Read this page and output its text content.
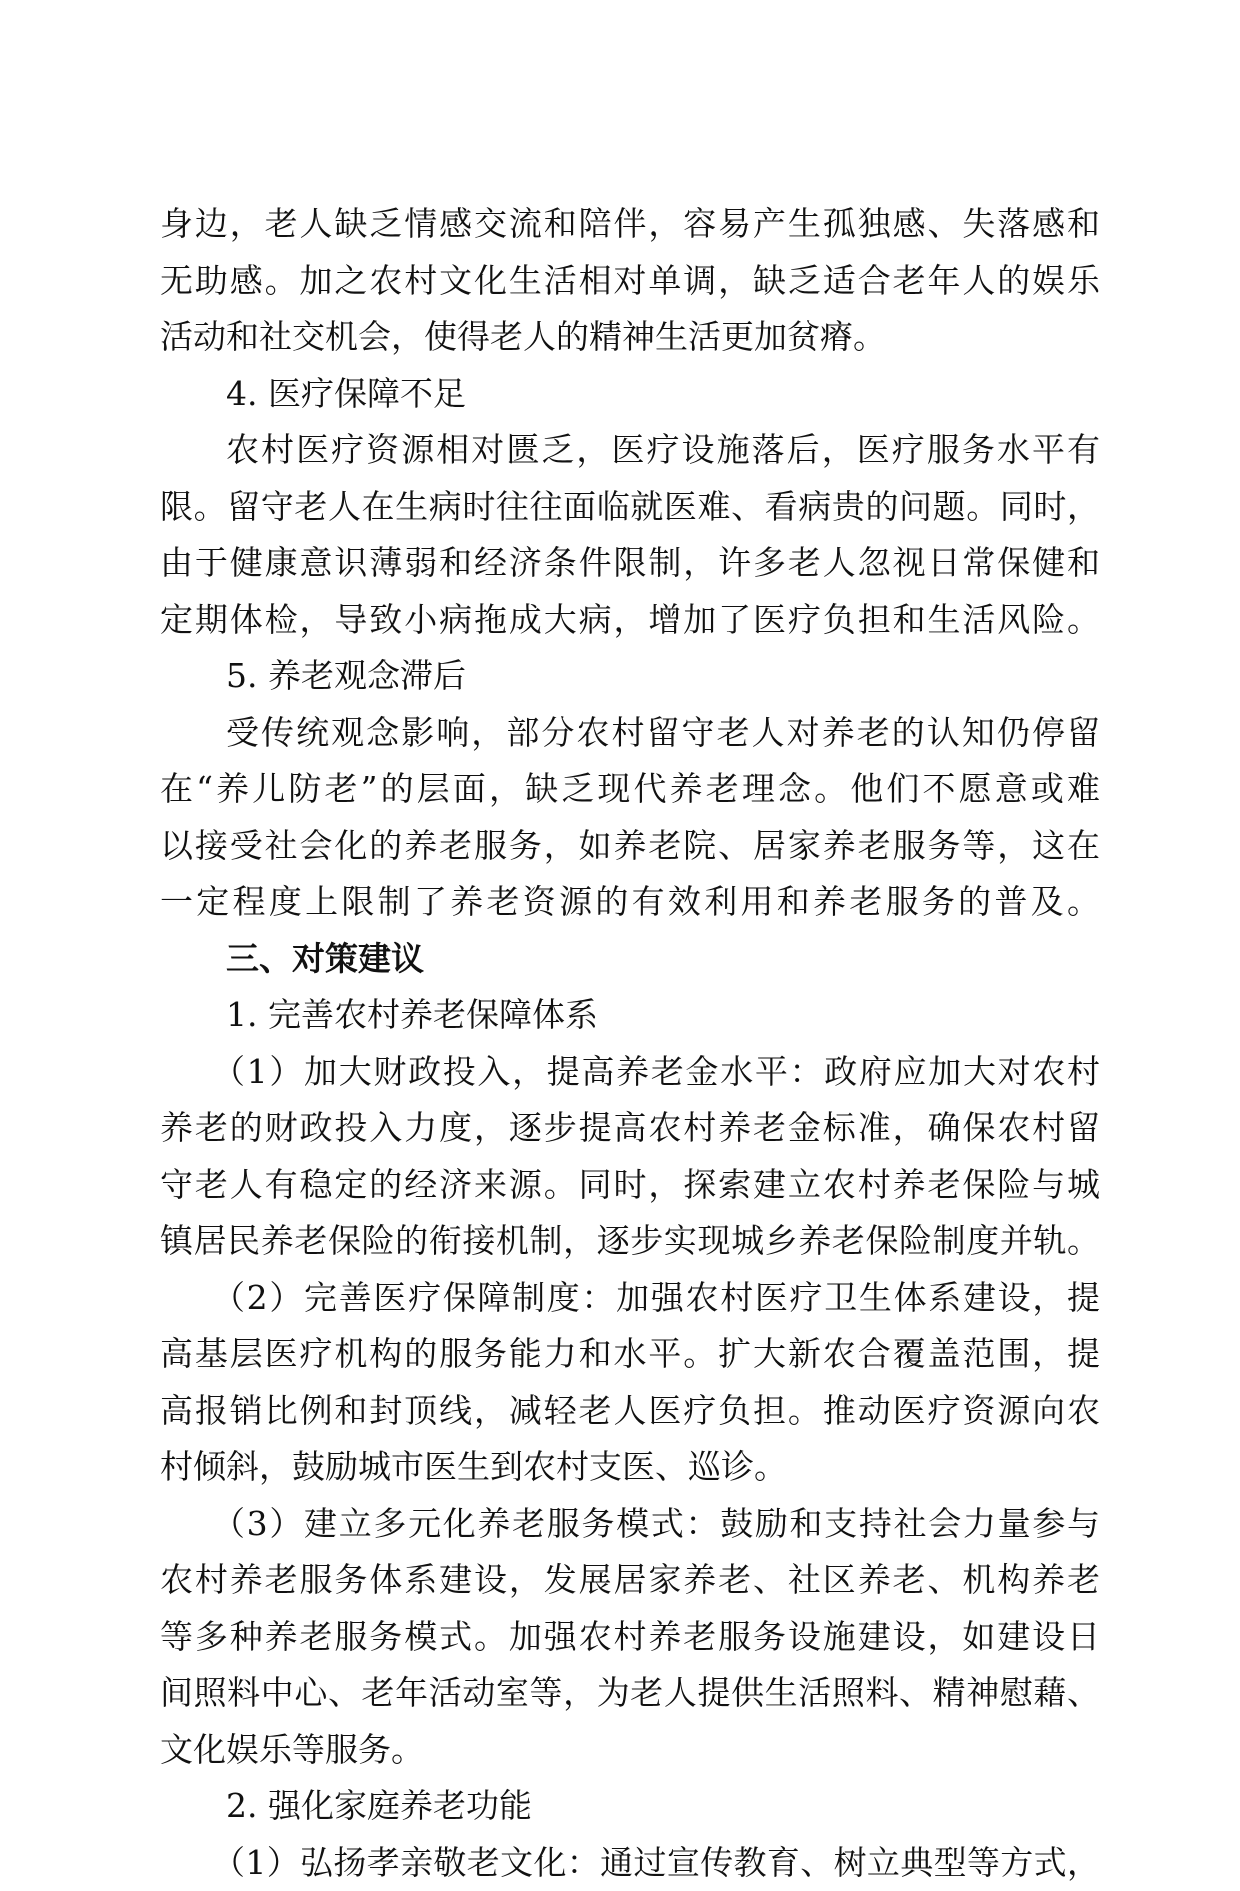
身边，老人缺乏情感交流和陪伴，容易产生孤独感、失落感和
无助感。加之农村文化生活相对单调，缺乏适合老年人的娱乐
活动和社交机会，使得老人的精神生活更加贫瘠。
4. 医疗保障不足
农村医疗资源相对匮乏，医疗设施落后，医疗服务水平有
限。留守老人在生病时往往面临就医难、看病贵的问题。同时，
由于健康意识薄弱和经济条件限制，许多老人忽视日常保健和
定期体检，导致小病拖成大病，增加了医疗负担和生活风险。
5. 养老观念滞后
受传统观念影响，部分农村留守老人对养老的认知仍停留
在“养儿防老”的层面，缺乏现代养老理念。他们不愿意或难
以接受社会化的养老服务，如养老院、居家养老服务等，这在
一定程度上限制了养老资源的有效利用和养老服务的普及。
三、对策建议
1. 完善农村养老保障体系
（1）加大财政投入，提高养老金水平：政府应加大对农村
养老的财政投入力度，逐步提高农村养老金标准，确保农村留
守老人有稳定的经济来源。同时，探索建立农村养老保险与城
镇居民养老保险的衔接机制，逐步实现城乡养老保险制度并轨。
（2）完善医疗保障制度：加强农村医疗卫生体系建设，提
高基层医疗机构的服务能力和水平。扩大新农合覆盖范围，提
高报销比例和封顶线，减轻老人医疗负担。推动医疗资源向农
村倾斜，鼓励城市医生到农村支医、巡诊。
（3）建立多元化养老服务模式：鼓励和支持社会力量参与
农村养老服务体系建设，发展居家养老、社区养老、机构养老
等多种养老服务模式。加强农村养老服务设施建设，如建设日
间照料中心、老年活动室等，为老人提供生活照料、精神慰藉、
文化娱乐等服务。
2. 强化家庭养老功能
（1）弘扬孝亲敬老文化：通过宣传教育、树立典型等方式，
